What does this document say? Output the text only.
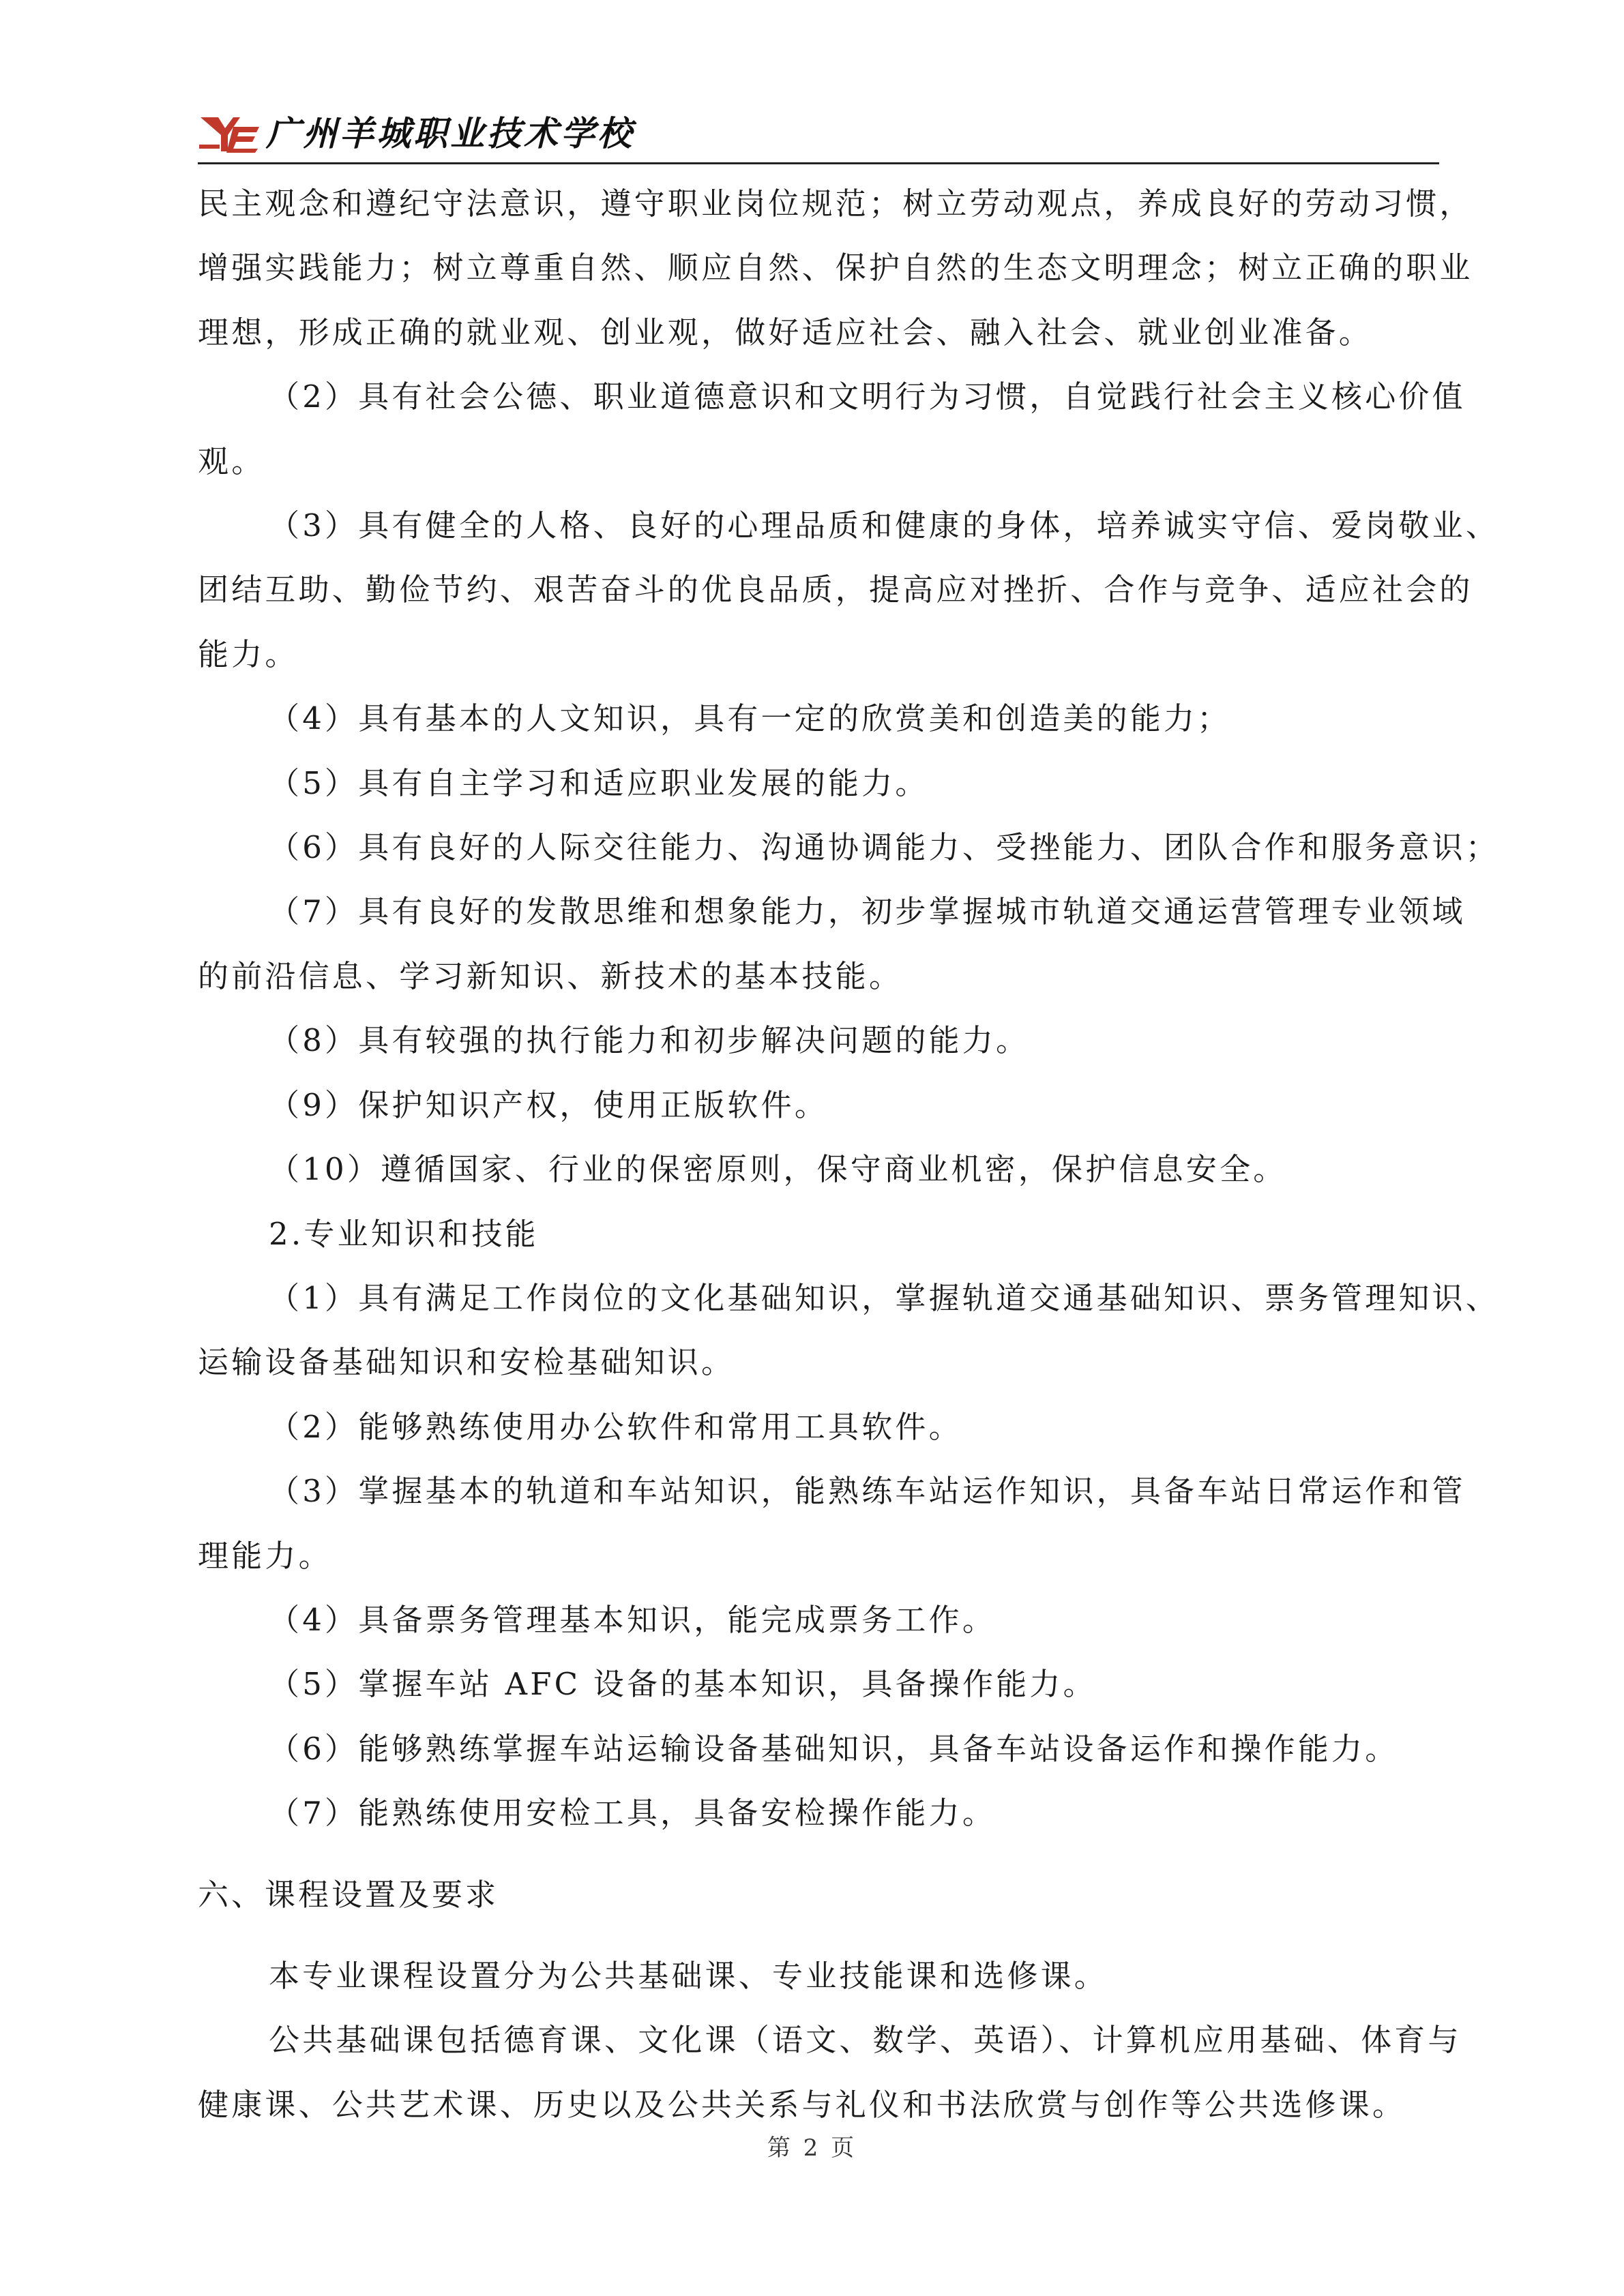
广州羊城职业技术学校

民主观念和遵纪守法意识，遵守职业岗位规范；树立劳动观点，养成良好的劳动习惯，

增强实践能力；树立尊重自然、顺应自然、保护自然的生态文明理念；树立正确的职业

理想，形成正确的就业观、创业观，做好适应社会、融入社会、就业创业准备。

（2）具有社会公德、职业道德意识和文明行为习惯，自觉践行社会主义核心价值

观。

（3）具有健全的人格、良好的心理品质和健康的身体，培养诚实守信、爱岗敬业、

团结互助、勤俭节约、艰苦奋斗的优良品质，提高应对挫折、合作与竞争、适应社会的

能力。

（4）具有基本的人文知识，具有一定的欣赏美和创造美的能力；

（5）具有自主学习和适应职业发展的能力。

（6）具有良好的人际交往能力、沟通协调能力、受挫能力、团队合作和服务意识；

（7）具有良好的发散思维和想象能力，初步掌握城市轨道交通运营管理专业领域

的前沿信息、学习新知识、新技术的基本技能。

（8）具有较强的执行能力和初步解决问题的能力。

（9）保护知识产权，使用正版软件。

（10）遵循国家、行业的保密原则，保守商业机密，保护信息安全。

2.专业知识和技能

（1）具有满足工作岗位的文化基础知识，掌握轨道交通基础知识、票务管理知识、

运输设备基础知识和安检基础知识。

（2）能够熟练使用办公软件和常用工具软件。

（3）掌握基本的轨道和车站知识，能熟练车站运作知识，具备车站日常运作和管

理能力。

（4）具备票务管理基本知识，能完成票务工作。

（5）掌握车站 AFC 设备的基本知识，具备操作能力。

（6）能够熟练掌握车站运输设备基础知识，具备车站设备运作和操作能力。

（7）能熟练使用安检工具，具备安检操作能力。

六、课程设置及要求

本专业课程设置分为公共基础课、专业技能课和选修课。

公共基础课包括德育课、文化课（语文、数学、英语）、计算机应用基础、体育与

健康课、公共艺术课、历史以及公共关系与礼仪和书法欣赏与创作等公共选修课。

第 2 页
